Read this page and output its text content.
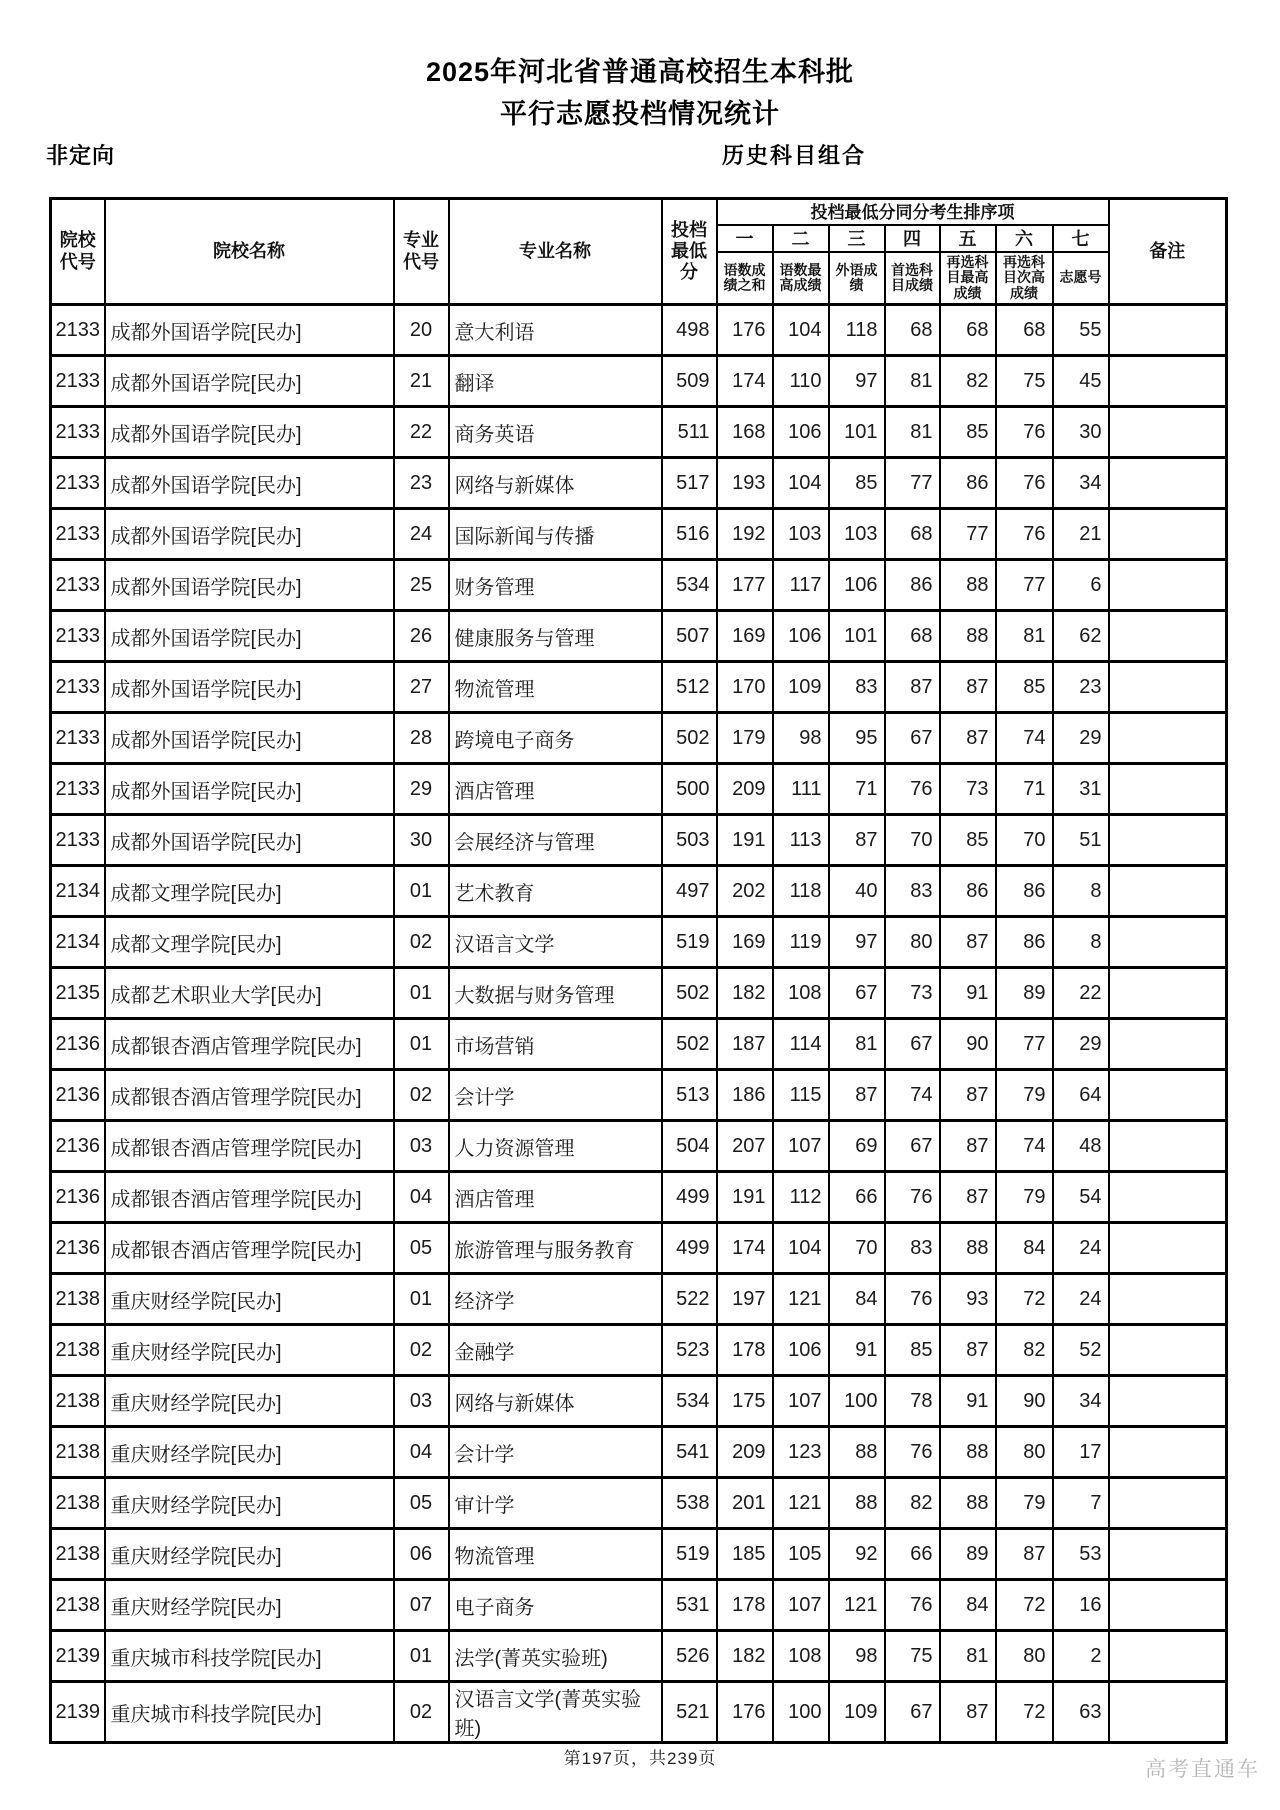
2025年河北省普通高校招生本科批
平行志愿投档情况统计
非定向	历史科目组合
院校代号	院校名称	专业代号	专业名称	投档最低分	投档最低分同分考生排序项							备注
					一	二	三	四	五	六	七	
					语数成绩之和	语数最高成绩	外语成绩	首选科目成绩	再选科目最高成绩	再选科目次高成绩	志愿号	
2133	成都外国语学院[民办]	20	意大利语	498	176	104	118	68	68	68	55	
2133	成都外国语学院[民办]	21	翻译	509	174	110	97	81	82	75	45	
2133	成都外国语学院[民办]	22	商务英语	511	168	106	101	81	85	76	30	
2133	成都外国语学院[民办]	23	网络与新媒体	517	193	104	85	77	86	76	34	
2133	成都外国语学院[民办]	24	国际新闻与传播	516	192	103	103	68	77	76	21	
2133	成都外国语学院[民办]	25	财务管理	534	177	117	106	86	88	77	6	
2133	成都外国语学院[民办]	26	健康服务与管理	507	169	106	101	68	88	81	62	
2133	成都外国语学院[民办]	27	物流管理	512	170	109	83	87	87	85	23	
2133	成都外国语学院[民办]	28	跨境电子商务	502	179	98	95	67	87	74	29	
2133	成都外国语学院[民办]	29	酒店管理	500	209	111	71	76	73	71	31	
2133	成都外国语学院[民办]	30	会展经济与管理	503	191	113	87	70	85	70	51	
2134	成都文理学院[民办]	01	艺术教育	497	202	118	40	83	86	86	8	
2134	成都文理学院[民办]	02	汉语言文学	519	169	119	97	80	87	86	8	
2135	成都艺术职业大学[民办]	01	大数据与财务管理	502	182	108	67	73	91	89	22	
2136	成都银杏酒店管理学院[民办]	01	市场营销	502	187	114	81	67	90	77	29	
2136	成都银杏酒店管理学院[民办]	02	会计学	513	186	115	87	74	87	79	64	
2136	成都银杏酒店管理学院[民办]	03	人力资源管理	504	207	107	69	67	87	74	48	
2136	成都银杏酒店管理学院[民办]	04	酒店管理	499	191	112	66	76	87	79	54	
2136	成都银杏酒店管理学院[民办]	05	旅游管理与服务教育	499	174	104	70	83	88	84	24	
2138	重庆财经学院[民办]	01	经济学	522	197	121	84	76	93	72	24	
2138	重庆财经学院[民办]	02	金融学	523	178	106	91	85	87	82	52	
2138	重庆财经学院[民办]	03	网络与新媒体	534	175	107	100	78	91	90	34	
2138	重庆财经学院[民办]	04	会计学	541	209	123	88	76	88	80	17	
2138	重庆财经学院[民办]	05	审计学	538	201	121	88	82	88	79	7	
2138	重庆财经学院[民办]	06	物流管理	519	185	105	92	66	89	87	53	
2138	重庆财经学院[民办]	07	电子商务	531	178	107	121	76	84	72	16	
2139	重庆城市科技学院[民办]	01	法学(菁英实验班)	526	182	108	98	75	81	80	2	
2139	重庆城市科技学院[民办]	02	汉语言文学(菁英实验班)	521	176	100	109	67	87	72	63	
第197页，共239页	高考直通车
